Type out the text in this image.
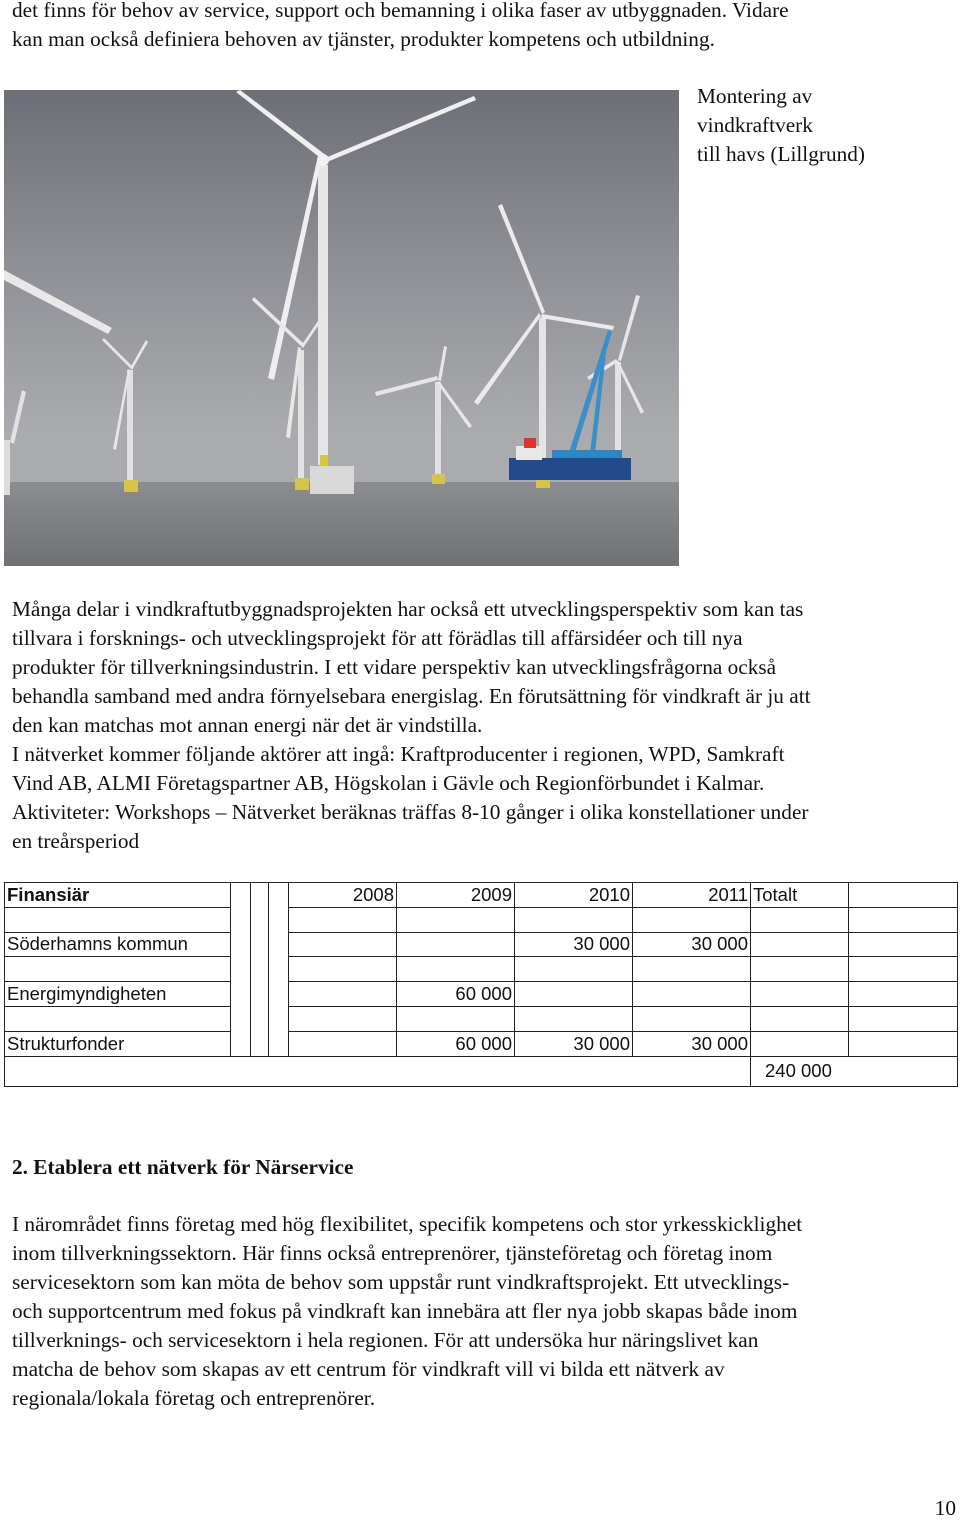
det finns för behov av service, support och bemanning i olika faser av utbyggnaden. Vidare
kan man också definiera behoven av tjänster, produkter kompetens och utbildning.
Montering av
vindkraftverk
till havs (Lillgrund)
Många delar i vindkraftutbyggnadsprojekten har också ett utvecklingsperspektiv som kan tas
tillvara i forsknings- och utvecklingsprojekt för att förädlas till affärsidéer och till nya
produkter för tillverkningsindustrin. I ett vidare perspektiv kan utvecklingsfrågorna också
behandla samband med andra förnyelsebara energislag. En förutsättning för vindkraft är ju att
den kan matchas mot annan energi när det är vindstilla.
I nätverket kommer följande aktörer att ingå: Kraftproducenter i regionen, WPD, Samkraft
Vind AB, ALMI Företagspartner AB, Högskolan i Gävle och Regionförbundet i Kalmar.
Aktiviteter: Workshops – Nätverket beräknas träffas 8-10 gånger i olika konstellationer under
en treårsperiod
Finansiär				2008	2009	2010	2011	Totalt	

Söderhamns kommun						30 000	30 000		

Energimyndigheten					60 000				

Strukturfonder					60 000	30 000	30 000		
								240 000	
2. Etablera ett nätverk för Närservice
I närområdet finns företag med hög flexibilitet, specifik kompetens och stor yrkesskicklighet
inom tillverkningssektorn. Här finns också entreprenörer, tjänsteföretag och företag inom
servicesektorn som kan möta de behov som uppstår runt vindkraftsprojekt. Ett utvecklings-
och supportcentrum med fokus på vindkraft kan innebära att fler nya jobb skapas både inom
tillverknings- och servicesektorn i hela regionen. För att undersöka hur näringslivet kan
matcha de behov som skapas av ett centrum för vindkraft vill vi bilda ett nätverk av
regionala/lokala företag och entreprenörer.
10
